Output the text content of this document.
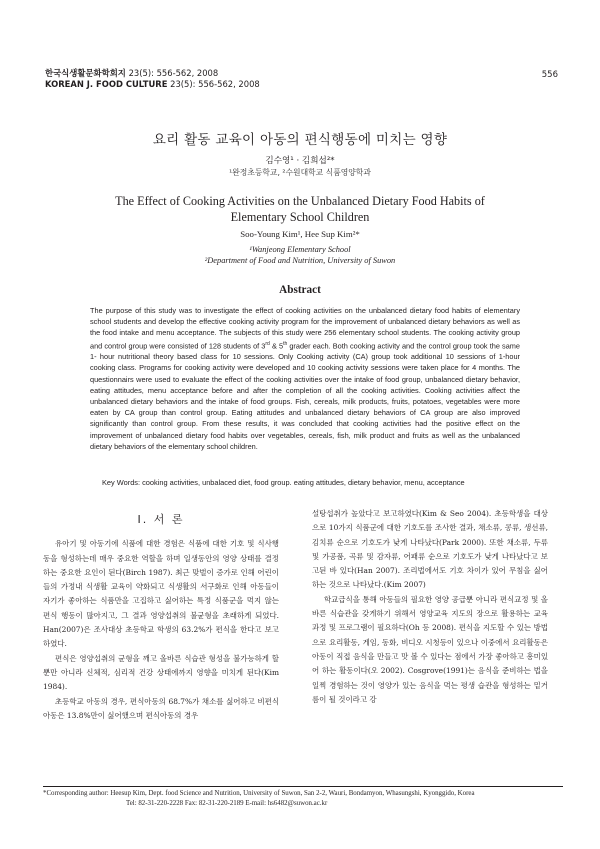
한국식생활문화학회지 23(5): 556-562, 2008
KOREAN J. FOOD CULTURE 23(5): 556-562, 2008
556
요리 활동 교육이 아동의 편식행동에 미치는 영향
김수영¹ · 김희섭²*
¹완정초등학교, ²수원대학교 식품영양학과
The Effect of Cooking Activities on the Unbalanced Dietary Food Habits of
Elementary School Children
Soo-Young Kim¹, Hee Sup Kim²*
¹Wanjeong Elementary School
²Department of Food and Nutrition, University of Suwon
Abstract
The purpose of this study was to investigate the effect of cooking activities on the unbalanced dietary food habits of elementary school students and develop the effective cooking activity program for the improvement of unbalanced dietary behaviors as well as the food intake and menu acceptance. The subjects of this study were 256 elementary school students. The cooking activity group and control group were consisted of 128 students of 3rd & 5th grader each. Both cooking activity and the control group took the same 1- hour nutritional theory based class for 10 sessions. Only Cooking activity (CA) group took additional 10 sessions of 1-hour cooking class. Programs for cooking activity were developed and 10 cooking activity sessions were taken place for 4 months. The questionnairs were used to evaluate the effect of the cooking activities over the intake of food group, unbalanced dietary behavior, eating attitudes, menu acceptance before and after the completion of all the cooking activities. Cooking activities affect the unbalanced dietary behaviors and the intake of food groups. Fish, cereals, milk products, fruits, potatoes, vegetables were more eaten by CA group than control group. Eating attitudes and unbalanced dietary behaviors of CA group are also improved significantly than control group. From these results, it was concluded that cooking activities had the positive effect on the improvement of unbalanced dietary food habits over vegetables, cereals, fish, milk product and fruits as well as the unbalanced dietary behaviors of the elementary school children.
Key Words: cooking activities, unbalaced diet, food group. eating attitudes, dietary behavior, menu, acceptance
Ⅰ. 서 론

유아기 및 아동기에 식품에 대한 경험은 식품에 대한 기호 및 식사행동을 형성하는데 매우 중요한 역할을 하며 일생동안의 영양 상태를 결정하는 중요한 요인이 된다(Birch 1987). 최근 맞벌이 증가로 인해 어린이들의 가정내 식생활 교육이 약화되고 식생활의 서구화로 인해 아동들이 자기가 좋아하는 식품만을 고집하고 싫어하는 특정 식품군을 먹지 않는 편식 행동이 많아지고, 그 결과 영양섭취의 불균형을 초래하게 되었다. Han(2007)은 조사대상 초등학교 학생의 63.2%가 편식을 한다고 보고하였다.

편식은 영양섭취의 균형을 깨고 올바른 식습관 형성을 불가능하게 할 뿐만 아니라 신체적, 심리적 건강 상태에까지 영향을 미치게 된다(Kim 1984).

초등학교 아동의 경우, 편식아동의 68.7%가 채소를 싫어하고 비편식아동은 13.8%만이 싫어했으며 편식아동의 경우

설탕섭취가 높았다고 보고하였다(Kim & Seo 2004). 초등학생을 대상으로 10가지 식품군에 대한 기호도를 조사한 결과, 채소류, 콩류, 생선류, 김치류 순으로 기호도가 낮게 나타났다(Park 2000). 또한 채소류, 두류 및 가공품, 곡류 및 감자류, 어패류 순으로 기호도가 낮게 나타났다고 보고된 바 있다(Han 2007). 조리법에서도 기호 차이가 있어 무침을 싫어하는 것으로 나타났다.(Kim 2007)

학교급식을 통해 아동들의 필요한 영양 공급뿐 아니라 편식교정 및 올바른 식습관을 갖게하기 위해서 영양교육 지도의 장으로 활용하는 교육 과정 및 프로그램이 필요하다(Oh 등 2008). 편식을 지도할 수 있는 방법으로 요리활동, 게임, 동화, 비디오 시청등이 있으나 이중에서 요리활동은 아동이 직접 음식을 만들고 맛 볼 수 있다는 점에서 가장 좋아하고 흥미있어 하는 활동이다(오 2002). Cosgrove(1991)는 음식을 준비하는 법을 일찍 경험하는 것이 영양가 있는 음식을 먹는 평생 습관을 형성하는 밑거름이 될 것이라고 강

*Corresponding author: Heesup Kim, Dept. food Science and Nutrition, University of Suwon, San 2-2, Wauri, Bondamyon, Whasungshi, Kyonggido, Korea
Tel: 82-31-220-2228 Fax: 82-31-220-2189 E-mail: hs6482@suwon.ac.kr
